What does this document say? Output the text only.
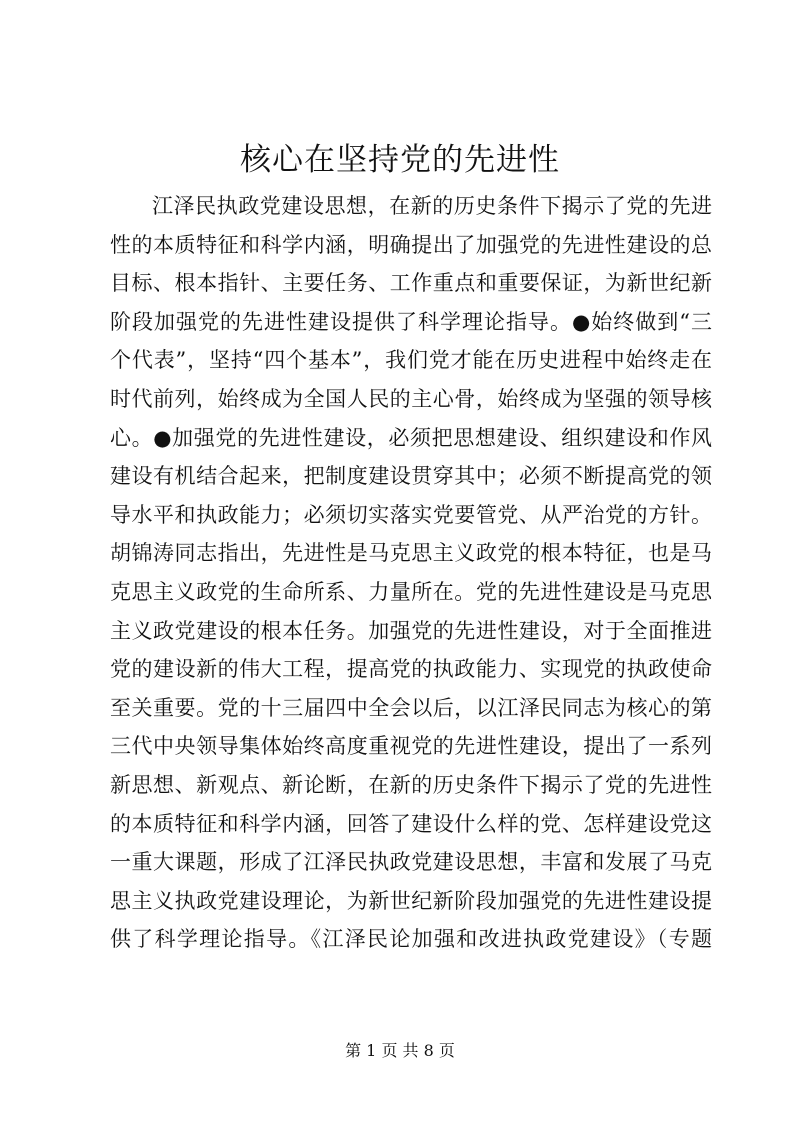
核心在坚持党的先进性
江泽民执政党建设思想，在新的历史条件下揭示了党的先进
性的本质特征和科学内涵，明确提出了加强党的先进性建设的总
目标、根本指针、主要任务、工作重点和重要保证，为新世纪新
阶段加强党的先进性建设提供了科学理论指导。●始终做到“三
个代表”，坚持“四个基本”，我们党才能在历史进程中始终走在
时代前列，始终成为全国人民的主心骨，始终成为坚强的领导核
心。●加强党的先进性建设，必须把思想建设、组织建设和作风
建设有机结合起来，把制度建设贯穿其中；必须不断提高党的领
导水平和执政能力；必须切实落实党要管党、从严治党的方针。
胡锦涛同志指出，先进性是马克思主义政党的根本特征，也是马
克思主义政党的生命所系、力量所在。党的先进性建设是马克思
主义政党建设的根本任务。加强党的先进性建设，对于全面推进
党的建设新的伟大工程，提高党的执政能力、实现党的执政使命
至关重要。党的十三届四中全会以后，以江泽民同志为核心的第
三代中央领导集体始终高度重视党的先进性建设，提出了一系列
新思想、新观点、新论断，在新的历史条件下揭示了党的先进性
的本质特征和科学内涵，回答了建设什么样的党、怎样建设党这
一重大课题，形成了江泽民执政党建设思想，丰富和发展了马克
思主义执政党建设理论，为新世纪新阶段加强党的先进性建设提
供了科学理论指导。《江泽民论加强和改进执政党建设》（专题
第 1 页 共 8 页
